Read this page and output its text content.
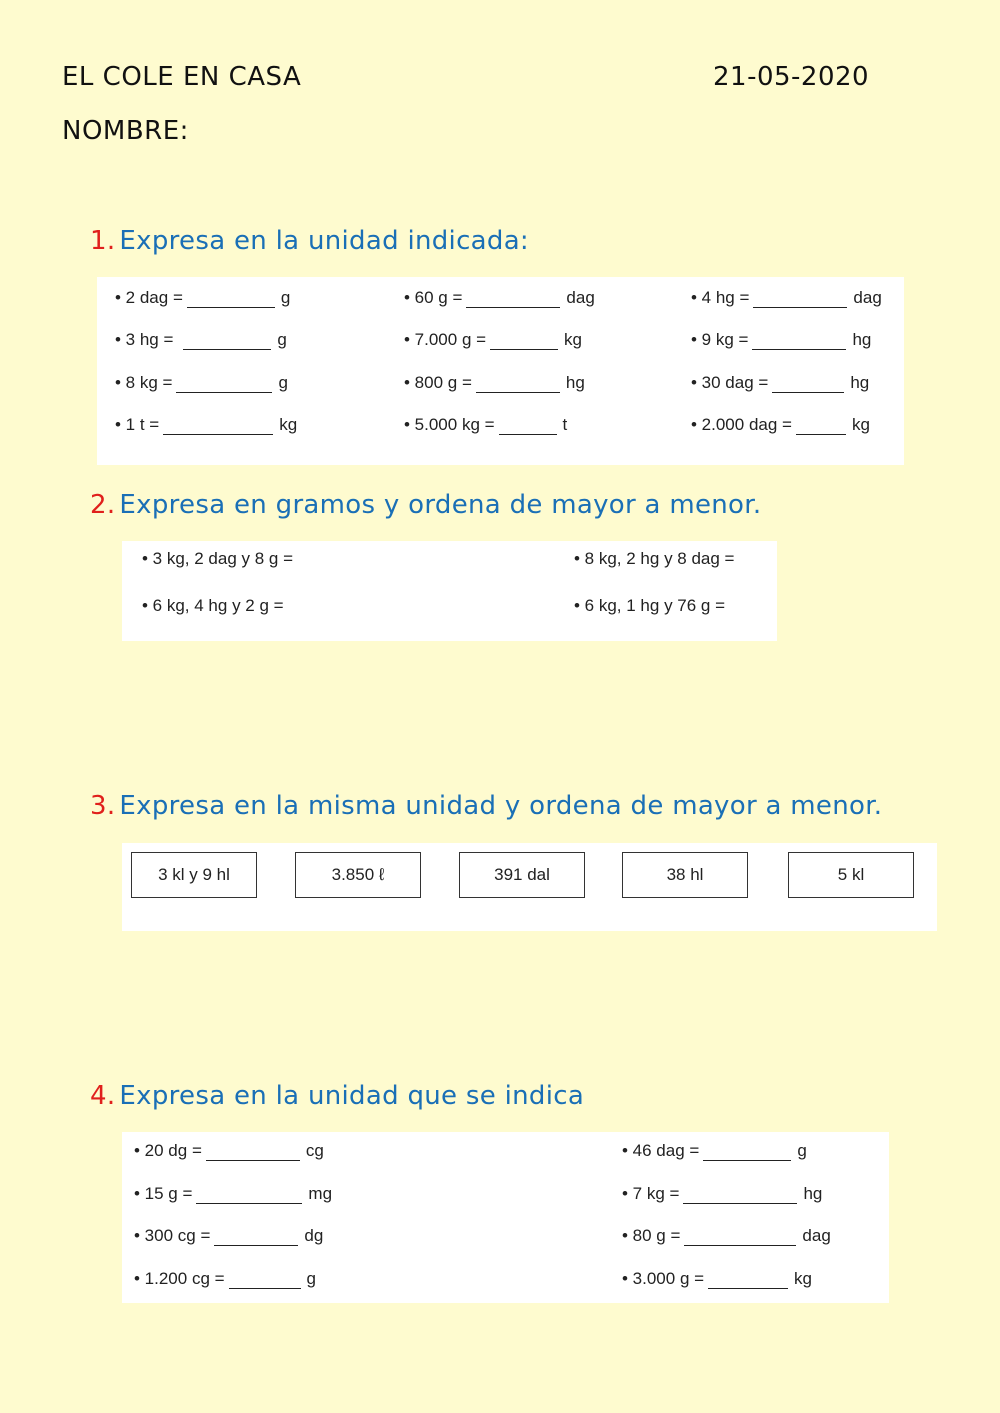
EL COLE EN CASA	21-05-2020
NOMBRE:
1. Expresa en la unidad indicada:
• 2 dag =	g	• 60 g =	dag	• 4 hg =	dag
• 3 hg =	g	• 7.000 g =	kg	• 9 kg =	hg
• 8 kg =	g	• 800 g =	hg	• 30 dag =	hg
• 1 t =	kg	• 5.000 kg =	t	• 2.000 dag =	kg
2. Expresa en gramos y ordena de mayor a menor.
• 3 kg, 2 dag y 8 g =	• 8 kg, 2 hg y 8 dag =
• 6 kg, 4 hg y 2 g =	• 6 kg, 1 hg y 76 g =
3. Expresa en la misma unidad y ordena de mayor a menor.
3 kl y 9 hl	3.850 ℓ	391 dal	38 hl	5 kl
4. Expresa en la unidad que se indica
• 20 dg =	cg	• 46 dag =	g
• 15 g =	mg	• 7 kg =	hg
• 300 cg =	dg	• 80 g =	dag
• 1.200 cg =	g	• 3.000 g =	kg
